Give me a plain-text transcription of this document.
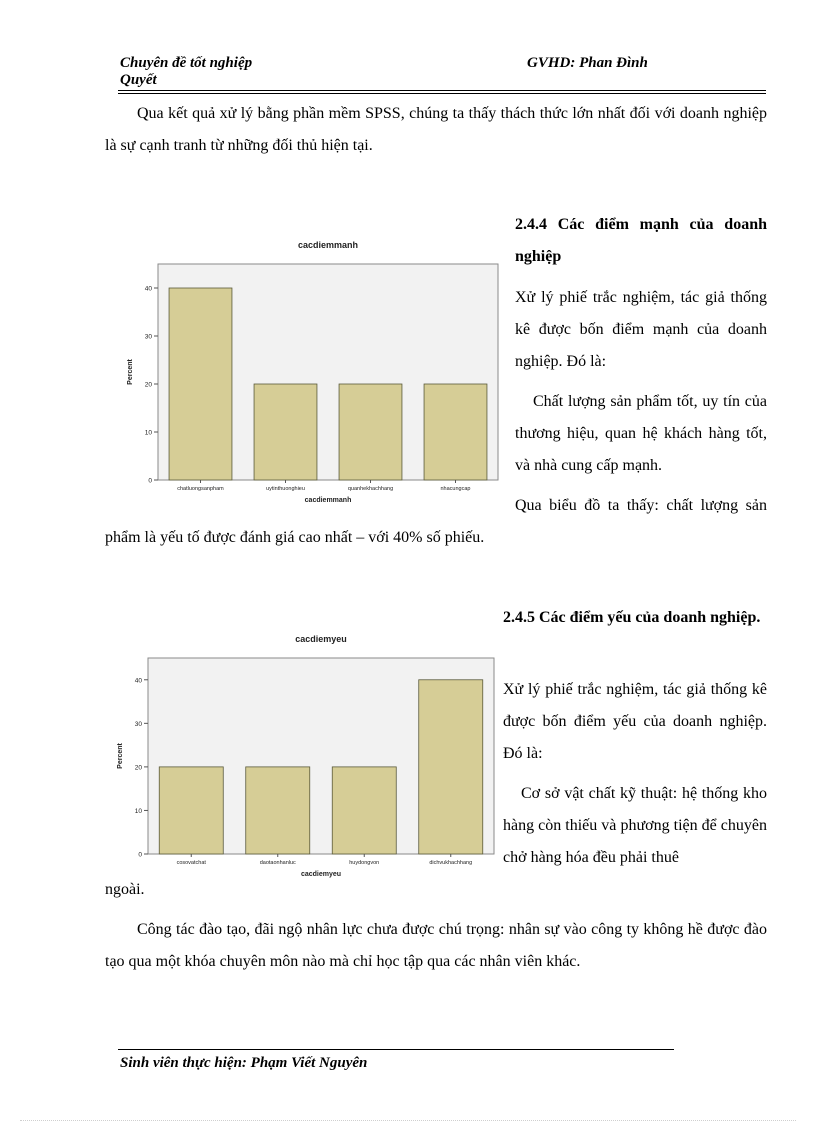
Chuyên đề tốt nghiệp
Quyết
GVHD: Phan Đình

Qua kết quả xử lý bằng phần mềm SPSS, chúng ta thấy thách thức lớn nhất đối với doanh nghiệp là sự cạnh tranh từ những đối thủ hiện tại.

cacdiemmanh
0
10
20
30
40
Percent
chatluongsanpham	uytinthuonghieu	quanhekhachhang	nhacungcap
cacdiemmanh

2.4.4 Các điểm mạnh của doanh nghiệp

Xử lý phiế trắc nghiệm, tác giả thống kê được bốn điểm mạnh của doanh nghiệp. Đó là:

Chất lượng sản phẩm tốt, uy tín của thương hiệu, quan hệ khách hàng tốt, và nhà cung cấp mạnh.

Qua biểu đồ ta thấy: chất lượng sản

phẩm là yếu tố được đánh giá cao nhất – với 40% số phiếu.

cacdiemyeu
0
10
20
30
40
Percent
cosovatchat	daotaonhanluc	huydongvon	dichvukhachhang
cacdiemyeu

2.4.5 Các điểm yếu của doanh nghiệp.

Xử lý phiế trắc nghiệm, tác giả thống kê được bốn điểm yếu của doanh nghiệp. Đó là:

Cơ sở vật chất kỹ thuật: hệ thống kho hàng còn thiếu và phương tiện để chuyên chở hàng hóa đều phải thuê

ngoài.

Công tác đào tạo, đãi ngộ nhân lực chưa được chú trọng: nhân sự vào công ty không hề được đào tạo qua một khóa chuyên môn nào mà chỉ học tập qua các nhân viên khác.

Sinh viên thực hiện: Phạm Viết Nguyên
